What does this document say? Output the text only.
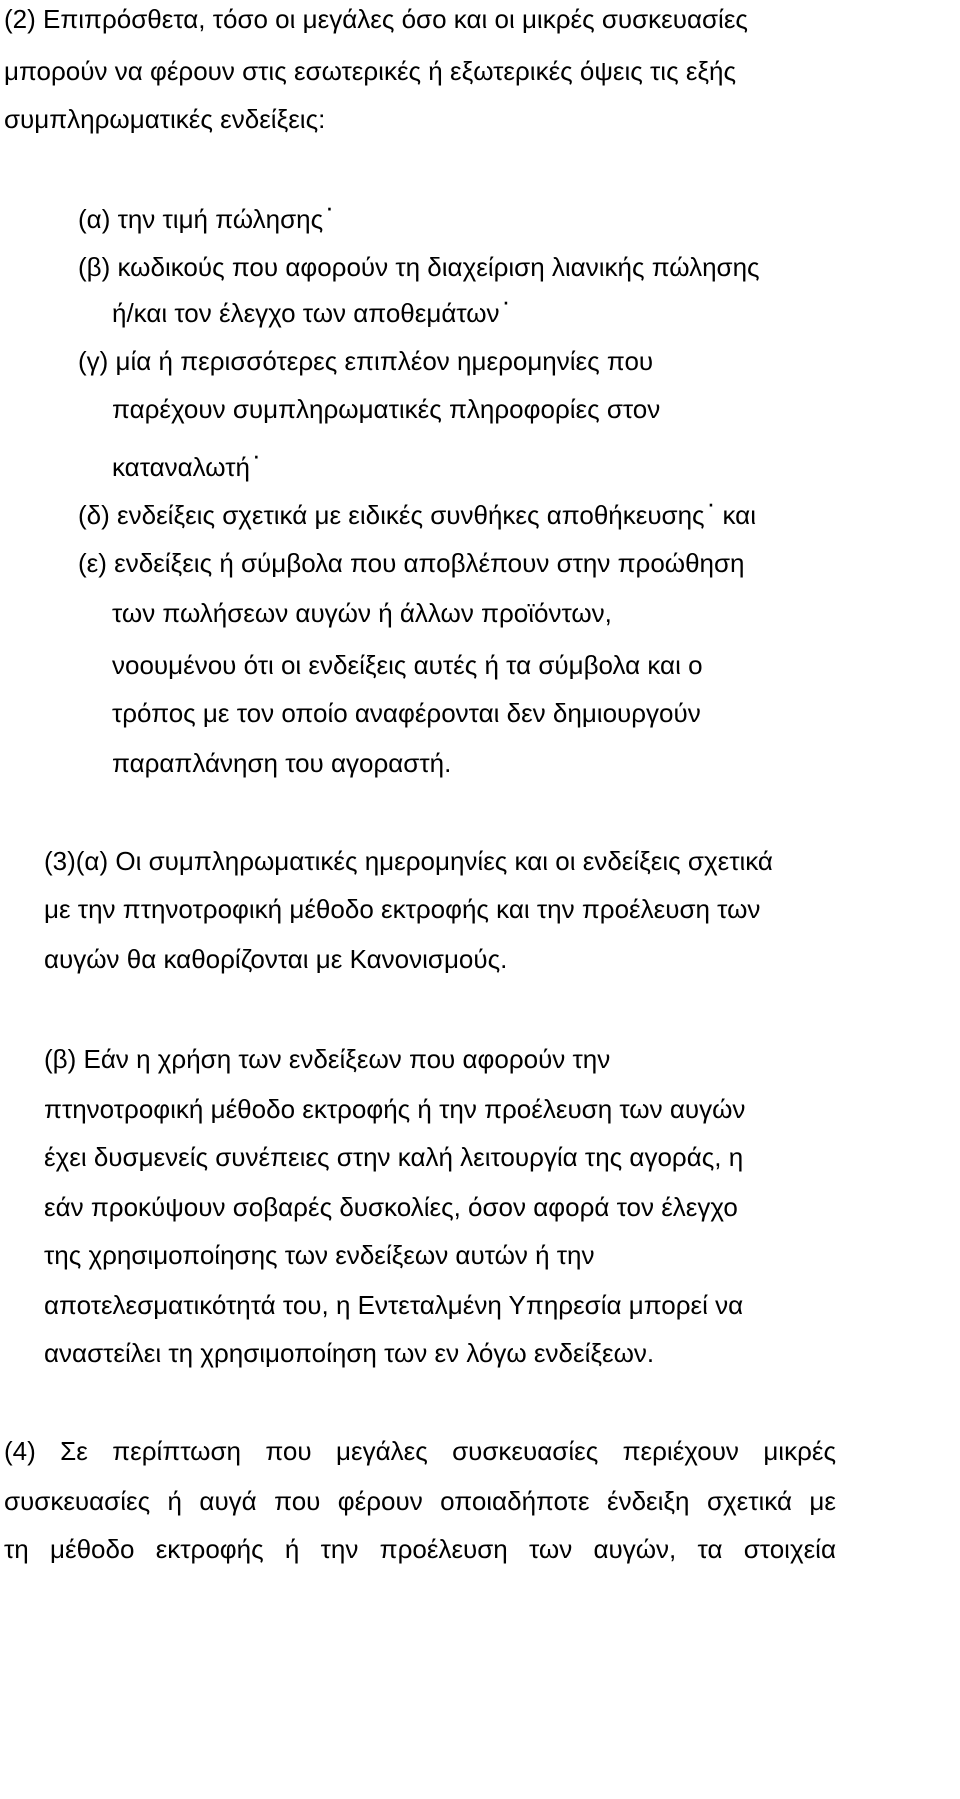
(2) Επιπρόσθετα, τόσο οι μεγάλες όσο και οι μικρές συσκευασίες
μπορούν να φέρουν στις εσωτερικές ή εξωτερικές όψεις τις εξής
συμπληρωματικές ενδείξεις:
(α) την τιμή πώλησης·
(β) κωδικούς που αφορούν τη διαχείριση λιανικής πώλησης
ή/και τον έλεγχο των αποθεμάτων·
(γ) μία ή περισσότερες επιπλέον ημερομηνίες που
παρέχουν συμπληρωματικές πληροφορίες στον
καταναλωτή·
(δ) ενδείξεις σχετικά με ειδικές συνθήκες αποθήκευσης· και
(ε) ενδείξεις ή σύμβολα που αποβλέπουν στην προώθηση
των πωλήσεων αυγών ή άλλων προϊόντων,
νοουμένου ότι οι ενδείξεις αυτές ή τα σύμβολα και ο
τρόπος με τον οποίο αναφέρονται δεν δημιουργούν
παραπλάνηση του αγοραστή.
(3)(α) Οι συμπληρωματικές ημερομηνίες και οι ενδείξεις σχετικά
με την πτηνοτροφική μέθοδο εκτροφής και την προέλευση των
αυγών θα καθορίζονται με Κανονισμούς.
(β) Εάν η χρήση των ενδείξεων που αφορούν την
πτηνοτροφική μέθοδο εκτροφής ή την προέλευση των αυγών
έχει δυσμενείς συνέπειες στην καλή λειτουργία της αγοράς, η
εάν προκύψουν σοβαρές δυσκολίες, όσον αφορά τον έλεγχο
της χρησιμοποίησης των ενδείξεων αυτών ή την
αποτελεσματικότητά του, η Εντεταλμένη Υπηρεσία μπορεί να
αναστείλει τη χρησιμοποίηση των εν λόγω ενδείξεων.
(4) Σε περίπτωση που μεγάλες συσκευασίες περιέχουν μικρές
συσκευασίες ή αυγά που φέρουν οποιαδήποτε ένδειξη σχετικά με
τη μέθοδο εκτροφής ή την προέλευση των αυγών, τα στοιχεία
